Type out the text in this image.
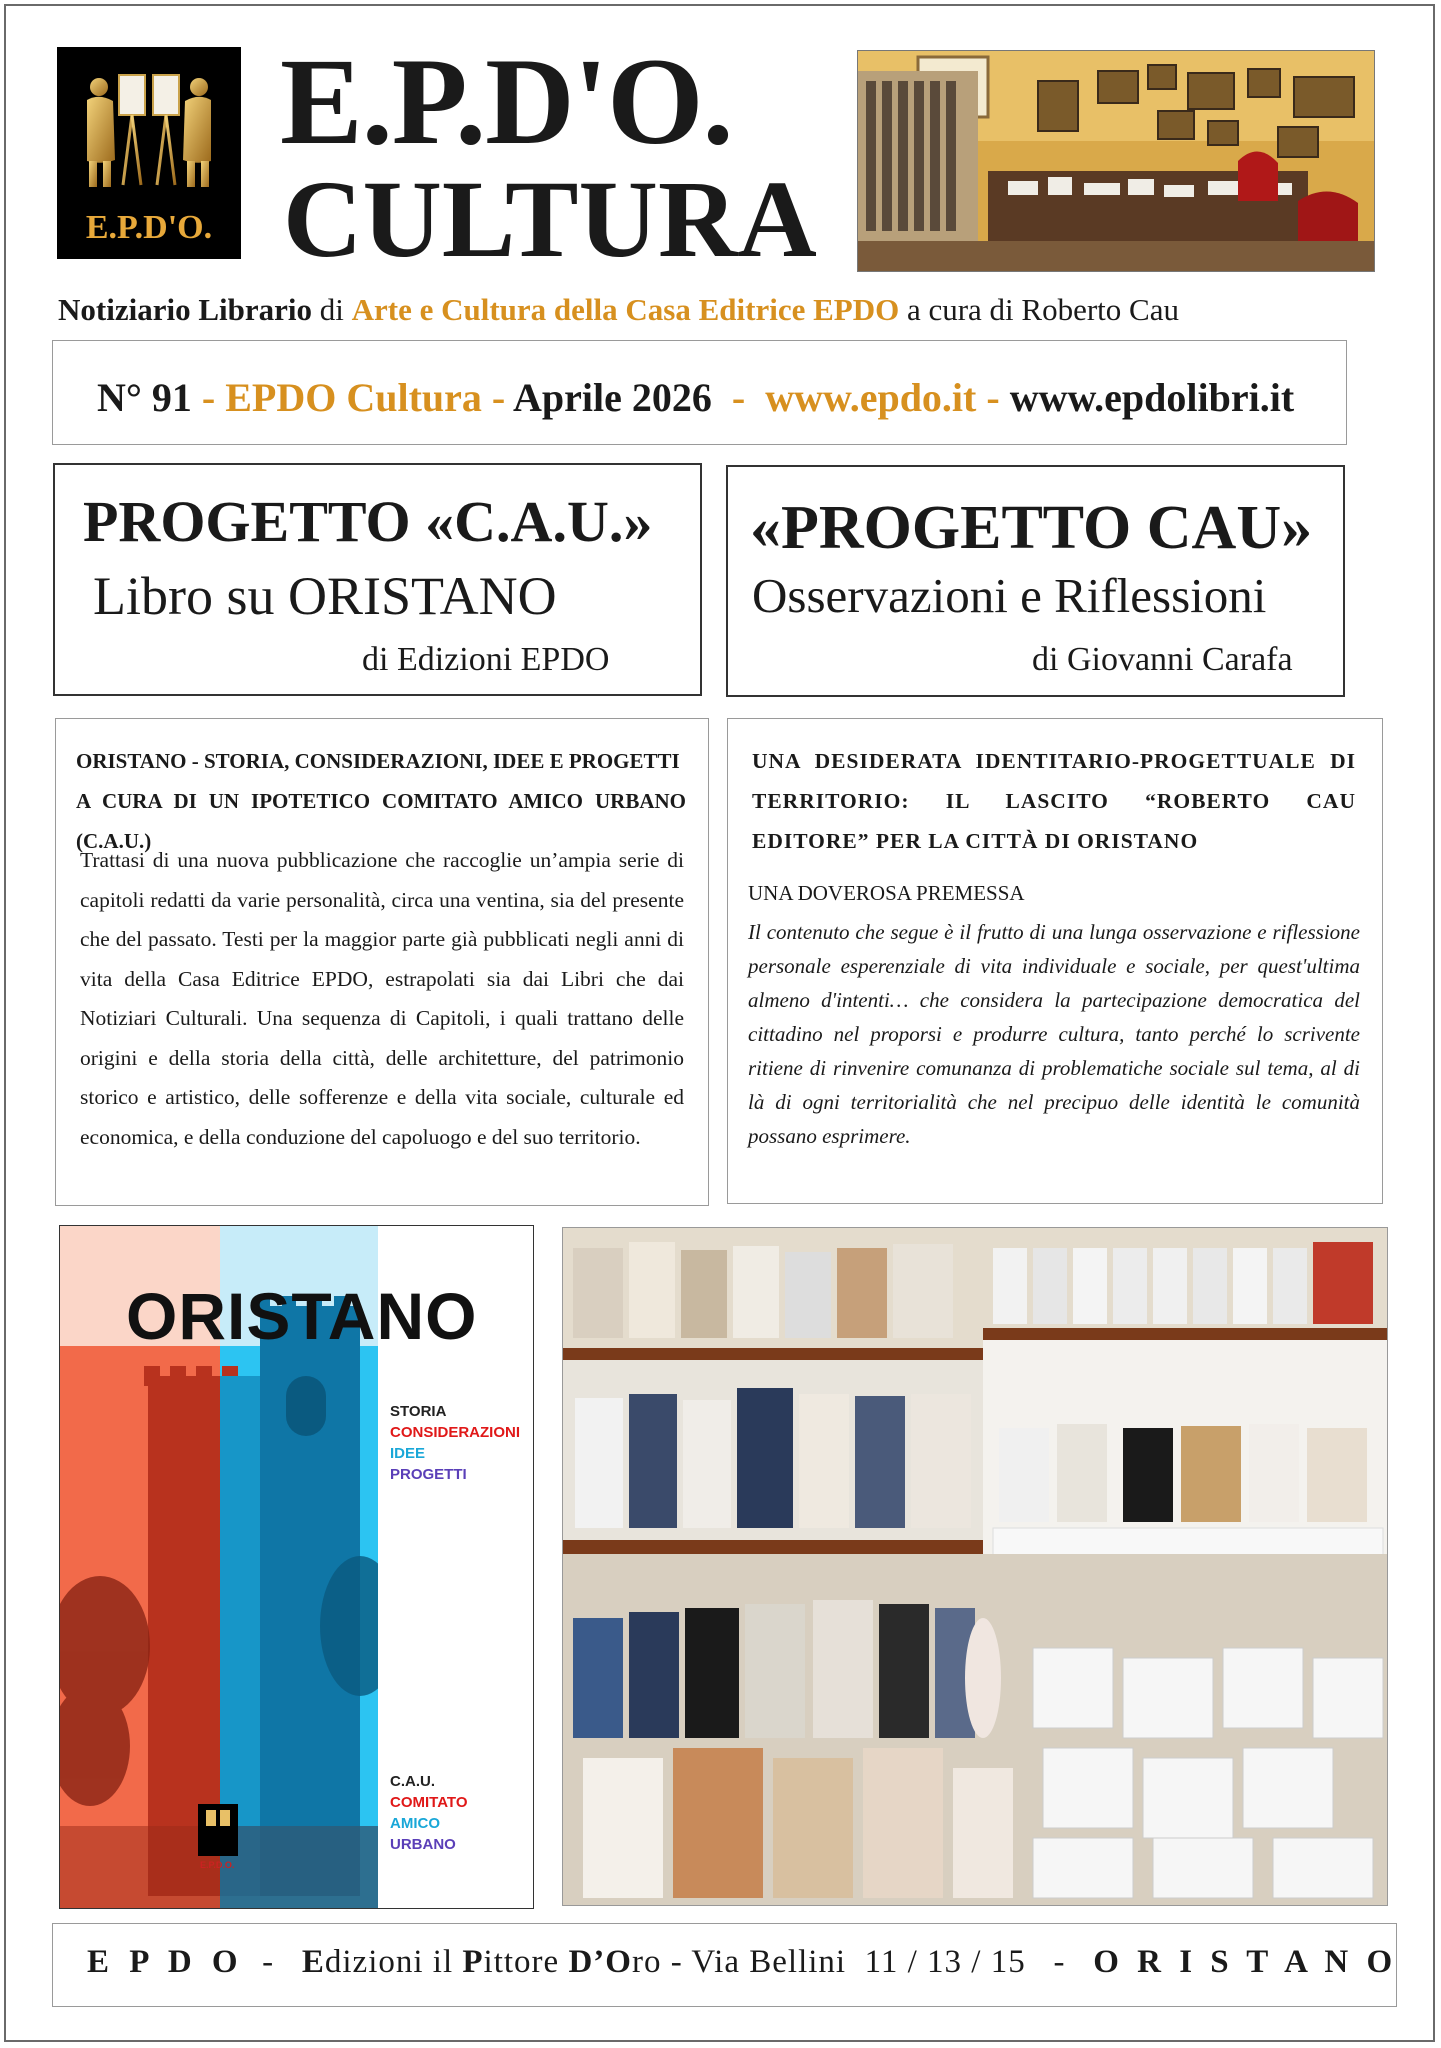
E.P.D'O.
E.P.D'O.
CULTURA
Notiziario Librario di Arte e Cultura della Casa Editrice EPDO a cura di Roberto Cau
N° 91 - EPDO Cultura - Aprile 2026  -  www.epdo.it - www.epdolibri.it
PROGETTO «C.A.U.»
Libro su ORISTANO
di Edizioni EPDO
«PROGETTO CAU»
Osservazioni e Riflessioni
di Giovanni Carafa
ORISTANO - STORIA, CONSIDERAZIONI, IDEE E PROGETTI
A CURA DI UN IPOTETICO COMITATO AMICO URBANO (C.A.U.)
Trattasi di una nuova pubblicazione che raccoglie un’ampia serie di capitoli redatti da varie personalità, circa una ventina, sia del presente che del passato. Testi per la maggior parte già pubblicati negli anni di vita della Casa Editrice EPDO, estrapolati sia dai Libri che dai Notiziari Culturali. Una sequenza di Capitoli, i quali trattano delle origini e della storia della città, delle architetture, del patrimonio storico e artistico, delle sofferenze e della vita sociale, culturale ed economica, e della conduzione del capoluogo e del suo territorio.
UNA DESIDERATA IDENTITARIO-PROGETTUALE DI TERRITORIO: IL LASCITO “ROBERTO CAU EDITORE” PER LA CITTÀ DI ORISTANO
UNA DOVEROSA PREMESSA
Il contenuto che segue è il frutto di una lunga osservazione e riflessione personale esperenziale di vita individuale e sociale, per quest'ultima almeno d'intenti… che considera la partecipazione democratica del cittadino nel proporsi e produrre cultura, tanto perché lo scrivente ritiene di rinvenire comunanza di problematiche sociale sul tema, al di là di ogni territorialità che nel precipuo delle identità le comunità possano esprimere.
ORISTANO
STORIA
CONSIDERAZIONI
IDEE
PROGETTI
C.A.U.
COMITATO
AMICO
URBANO
E.P.D.O.
E P D O  -   Edizioni il Pittore D’Oro - Via Bellini  11 / 13 / 15   -   O R I S T A N O
